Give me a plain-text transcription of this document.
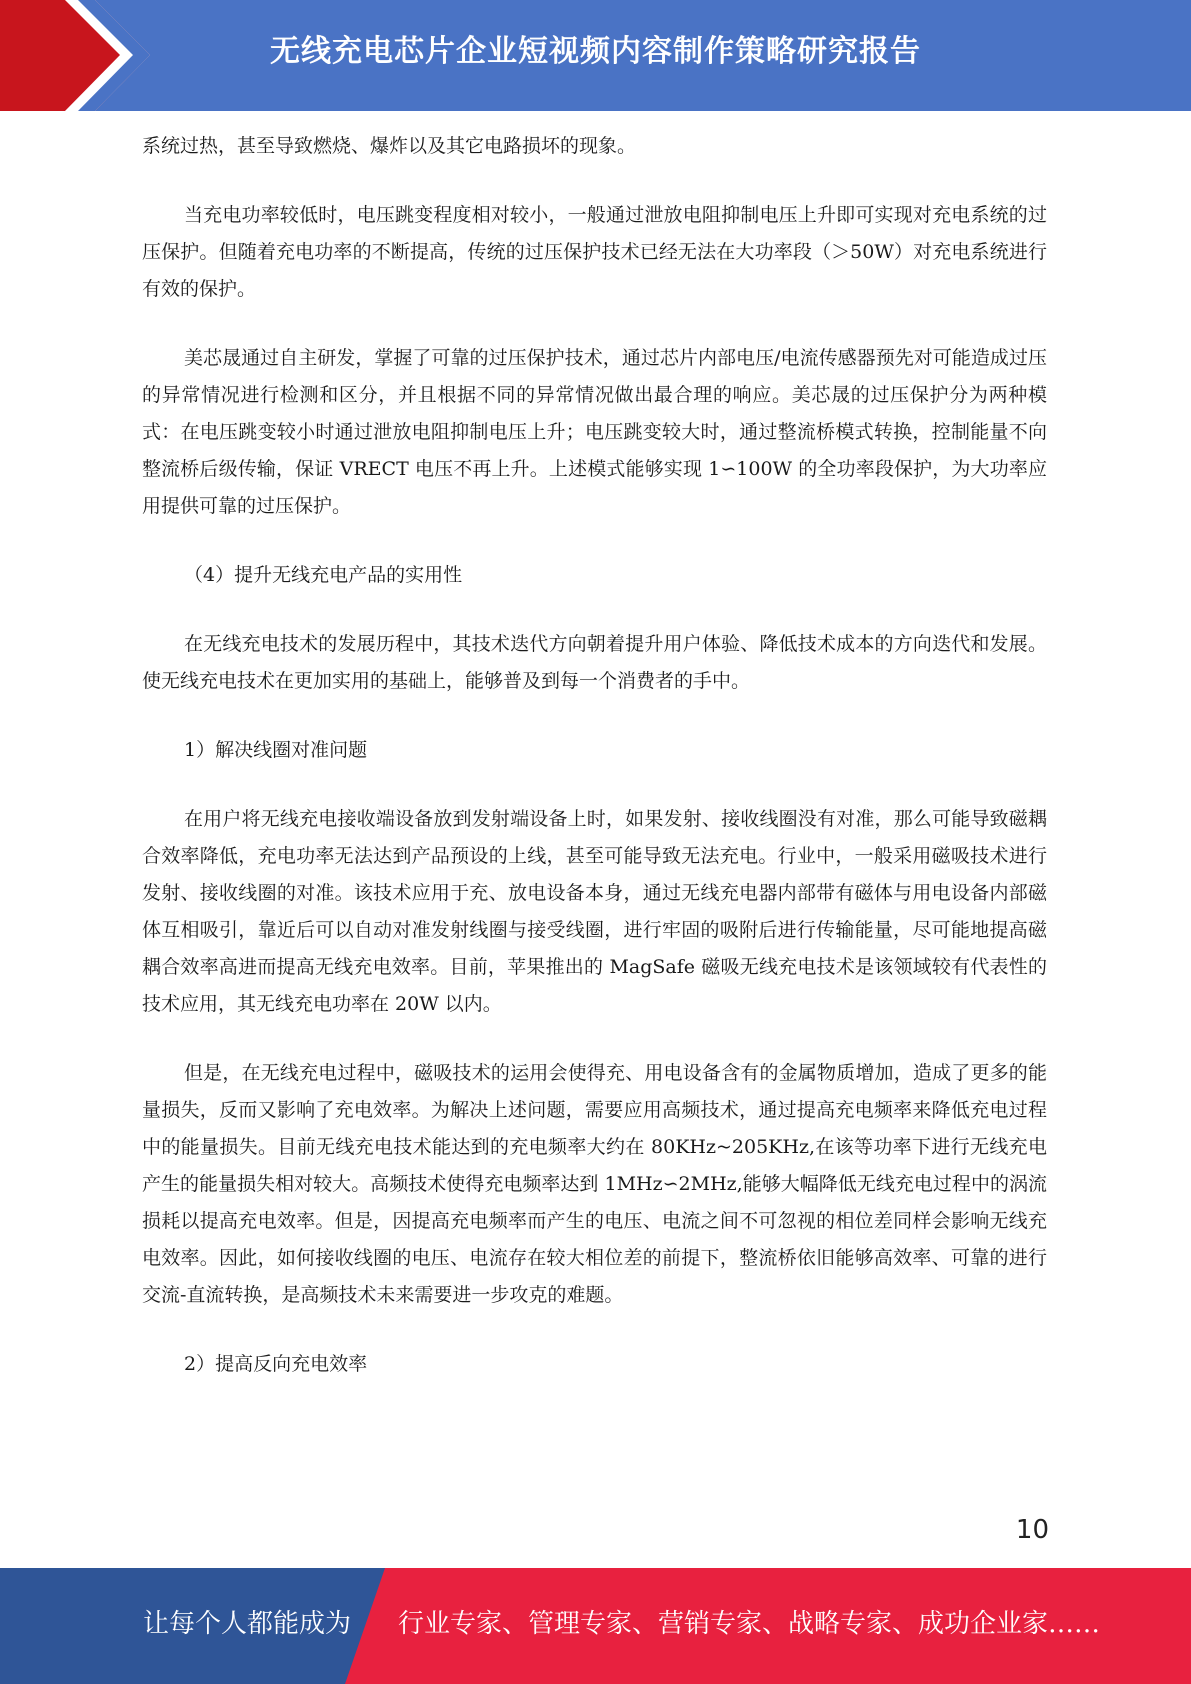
无线充电芯片企业短视频内容制作策略研究报告

系统过热，甚至导致燃烧、爆炸以及其它电路损坏的现象。

当充电功率较低时，电压跳变程度相对较小，一般通过泄放电阻抑制电压上升即可实现对充电系统的过压保护。但随着充电功率的不断提高，传统的过压保护技术已经无法在大功率段（＞50W）对充电系统进行有效的保护。

美芯晟通过自主研发，掌握了可靠的过压保护技术，通过芯片内部电压/电流传感器预先对可能造成过压的异常情况进行检测和区分，并且根据不同的异常情况做出最合理的响应。美芯晟的过压保护分为两种模式：在电压跳变较小时通过泄放电阻抑制电压上升；电压跳变较大时，通过整流桥模式转换，控制能量不向整流桥后级传输，保证 VRECT 电压不再上升。上述模式能够实现 1∽100W 的全功率段保护，为大功率应用提供可靠的过压保护。

（4）提升无线充电产品的实用性

在无线充电技术的发展历程中，其技术迭代方向朝着提升用户体验、降低技术成本的方向迭代和发展。使无线充电技术在更加实用的基础上，能够普及到每一个消费者的手中。

1）解决线圈对准问题

在用户将无线充电接收端设备放到发射端设备上时，如果发射、接收线圈没有对准，那么可能导致磁耦合效率降低，充电功率无法达到产品预设的上线，甚至可能导致无法充电。行业中，一般采用磁吸技术进行发射、接收线圈的对准。该技术应用于充、放电设备本身，通过无线充电器内部带有磁体与用电设备内部磁体互相吸引，靠近后可以自动对准发射线圈与接受线圈，进行牢固的吸附后进行传输能量，尽可能地提高磁耦合效率高进而提高无线充电效率。目前，苹果推出的 MagSafe 磁吸无线充电技术是该领域较有代表性的技术应用，其无线充电功率在 20W 以内。

但是，在无线充电过程中，磁吸技术的运用会使得充、用电设备含有的金属物质增加，造成了更多的能量损失，反而又影响了充电效率。为解决上述问题，需要应用高频技术，通过提高充电频率来降低充电过程中的能量损失。目前无线充电技术能达到的充电频率大约在 80KHz~205KHz,在该等功率下进行无线充电产生的能量损失相对较大。高频技术使得充电频率达到 1MHz∽2MHz,能够大幅降低无线充电过程中的涡流损耗以提高充电效率。但是，因提高充电频率而产生的电压、电流之间不可忽视的相位差同样会影响无线充电效率。因此，如何接收线圈的电压、电流存在较大相位差的前提下，整流桥依旧能够高效率、可靠的进行交流-直流转换，是高频技术未来需要进一步攻克的难题。

2）提高反向充电效率

10
让每个人都能成为 行业专家、管理专家、营销专家、战略专家、成功企业家……
